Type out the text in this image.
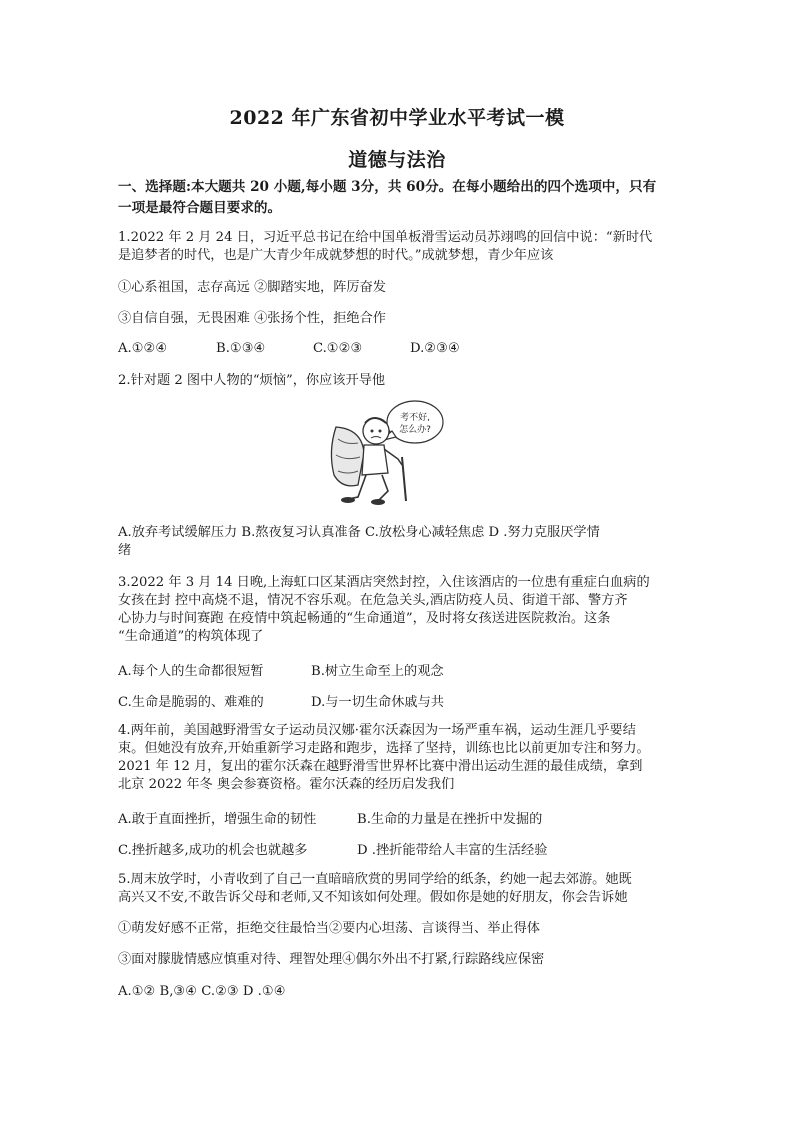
2022 年广东省初中学业水平考试一模
道德与法治
一、选择题:本大题共 20 小题,每小题 3分，共 60分。在每小题给出的四个选项中，只有
一项是最符合题目要求的。
1.2022 年 2 月 24 日，习近平总书记在给中国单板滑雪运动员苏翊鸣的回信中说：“新时代
是追梦者的时代，也是广大青少年成就梦想的时代。”成就梦想，青少年应该
①心系祖国，志存高远 ②脚踏实地，阵厉奋发
③自信自强，无畏困难 ④张扬个性，拒绝合作
A.①②④	B.①③④	C.①②③	D.②③④
2.针对题 2 图中人物的“烦恼”，你应该开导他
考不好,
怎么办?
A.放弃考试缓解压力 B.熬夜复习认真准备 C.放松身心减轻焦虑 D .努力克服厌学情
绪
3.2022 年 3 月 14 日晚,上海虹口区某酒店突然封控，入住该酒店的一位患有重症白血病的
女孩在封 控中高烧不退，情况不容乐观。在危急关头,酒店防疫人员、街道干部、警方齐
心协力与时间赛跑 在疫情中筑起畅通的“生命通道”，及时将女孩送进医院救治。这条
“生命通道”的构筑体现了
A.每个人的生命都很短暂	B.树立生命至上的观念
C.生命是脆弱的、难难的	D.与一切生命休戚与共
4.两年前，美国越野滑雪女子运动员汉娜·霍尔沃森因为一场严重车祸，运动生涯几乎要结
束。但她没有放弃,开始重新学习走路和跑步，选择了坚持，训练也比以前更加专注和努力。
2021 年 12 月，复出的霍尔沃森在越野滑雪世界杯比赛中滑出运动生涯的最佳成绩，拿到
北京 2022 年冬 奥会参赛资格。霍尔沃森的经历启发我们
A.敢于直面挫折，增强生命的韧性	B.生命的力量是在挫折中发掘的
C.挫折越多,成功的机会也就越多	D .挫折能带给人丰富的生活经验
5.周末放学时，小青收到了自己一直暗暗欣赏的男同学给的纸条，约她一起去郊游。她既
高兴又不安,不敢告诉父母和老师,又不知该如何处理。假如你是她的好朋友，你会告诉她
①萌发好感不正常，拒绝交往最恰当②要内心坦荡、言谈得当、举止得体
③面对朦胧情感应慎重对待、理智处理④偶尔外出不打紧,行踪路线应保密
A.①② B,③④ C.②③ D .①④
